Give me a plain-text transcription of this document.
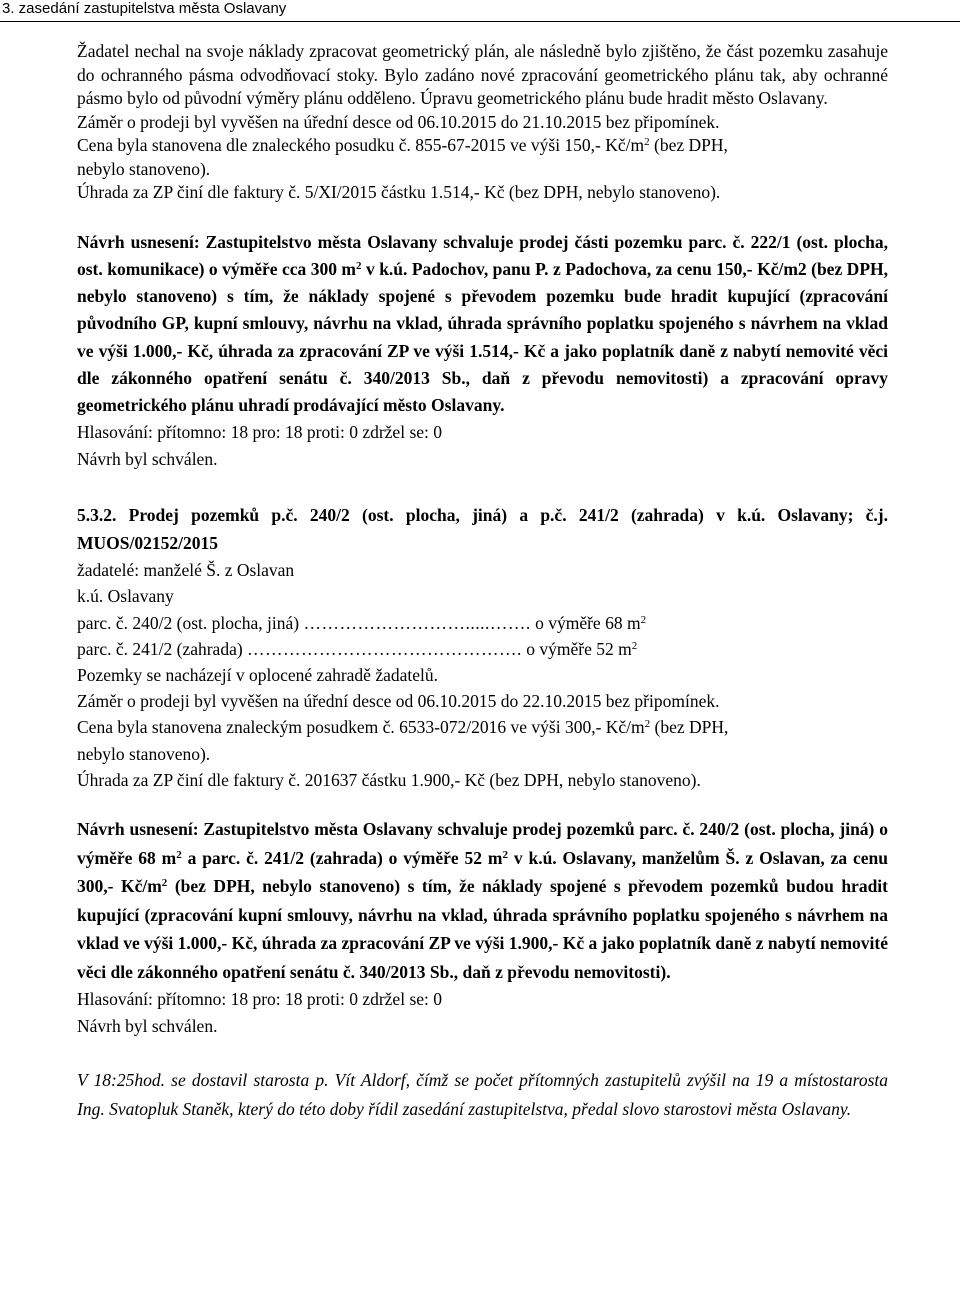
3. zasedání zastupitelstva města Oslavany

Žadatel nechal na svoje náklady zpracovat geometrický plán, ale následně bylo zjištěno, že část pozemku zasahuje do ochranného pásma odvodňovací stoky. Bylo zadáno nové zpracování geometrického plánu tak, aby ochranné pásmo bylo od původní výměry plánu odděleno. Úpravu geometrického plánu bude hradit město Oslavany.

Záměr o prodeji byl vyvěšen na úřední desce od 06.10.2015 do 21.10.2015 bez připomínek.
Cena byla stanovena dle znaleckého posudku č. 855-67-2015 ve výši 150,- $Kč/m^2$ (bez DPH,
nebylo stanoveno).
Úhrada za ZP činí dle faktury č. 5/XI/2015 částku 1.514,- Kč (bez DPH, nebylo stanoveno).

Návrh usnesení: Zastupitelstvo města Oslavany schvaluje prodej části pozemku parc. č. 222/1 (ost. plocha, ost. komunikace) o výměře cca 300 $m^2$ v k.ú. Padochov, panu P. z Padochova, za cenu 150,- Kč/m2 (bez DPH, nebylo stanoveno) s tím, že náklady spojené s převodem pozemku bude hradit kupující (zpracování původního GP, kupní smlouvy, návrhu na vklad, úhrada správního poplatku spojeného s návrhem na vklad ve výši 1.000,- Kč, úhrada za zpracování ZP ve výši 1.514,- Kč a jako poplatník daně z nabytí nemovité věci dle zákonného opatření senátu č. 340/2013 Sb., daň z převodu nemovitosti) a zpracování opravy geometrického plánu uhradí prodávající město Oslavany.

Hlasování: přítomno: 18 pro: 18 proti: 0 zdržel se: 0
Návrh byl schválen.

5.3.2. Prodej pozemků p.č. 240/2 (ost. plocha, jiná) a p.č. 241/2 (zahrada) v k.ú. Oslavany; č.j. MUOS/02152/2015

žadatelé: manželé Š. z Oslavan
k.ú. Oslavany
parc. č. 240/2 (ost. plocha, jiná) ……………………….....……. o výměře 68 $m^2$
parc. č. 241/2 (zahrada) ………………………………………. o výměře 52 $m^2$
Pozemky se nacházejí v oplocené zahradě žadatelů.
Záměr o prodeji byl vyvěšen na úřední desce od 06.10.2015 do 22.10.2015 bez připomínek.
Cena byla stanovena znaleckým posudkem č. 6533-072/2016 ve výši 300,- $Kč/m^2$ (bez DPH,
nebylo stanoveno).
Úhrada za ZP činí dle faktury č. 201637 částku 1.900,- Kč (bez DPH, nebylo stanoveno).

Návrh usnesení: Zastupitelstvo města Oslavany schvaluje prodej pozemků parc. č. 240/2 (ost. plocha, jiná) o výměře 68 $m^2$ a parc. č. 241/2 (zahrada) o výměře 52 $m^2$ v k.ú. Oslavany, manželům Š. z Oslavan, za cenu 300,- $Kč/m^2$ (bez DPH, nebylo stanoveno) s tím, že náklady spojené s převodem pozemků budou hradit kupující (zpracování kupní smlouvy, návrhu na vklad, úhrada správního poplatku spojeného s návrhem na vklad ve výši 1.000,- Kč, úhrada za zpracování ZP ve výši 1.900,- Kč a jako poplatník daně z nabytí nemovité věci dle zákonného opatření senátu č. 340/2013 Sb., daň z převodu nemovitosti).

Hlasování: přítomno: 18 pro: 18 proti: 0 zdržel se: 0
Návrh byl schválen.

V 18:25hod. se dostavil starosta p. Vít Aldorf, čímž se počet přítomných zastupitelů zvýšil na 19 a místostarosta Ing. Svatopluk Staněk, který do této doby řídil zasedání zastupitelstva, předal slovo starostovi města Oslavany.
